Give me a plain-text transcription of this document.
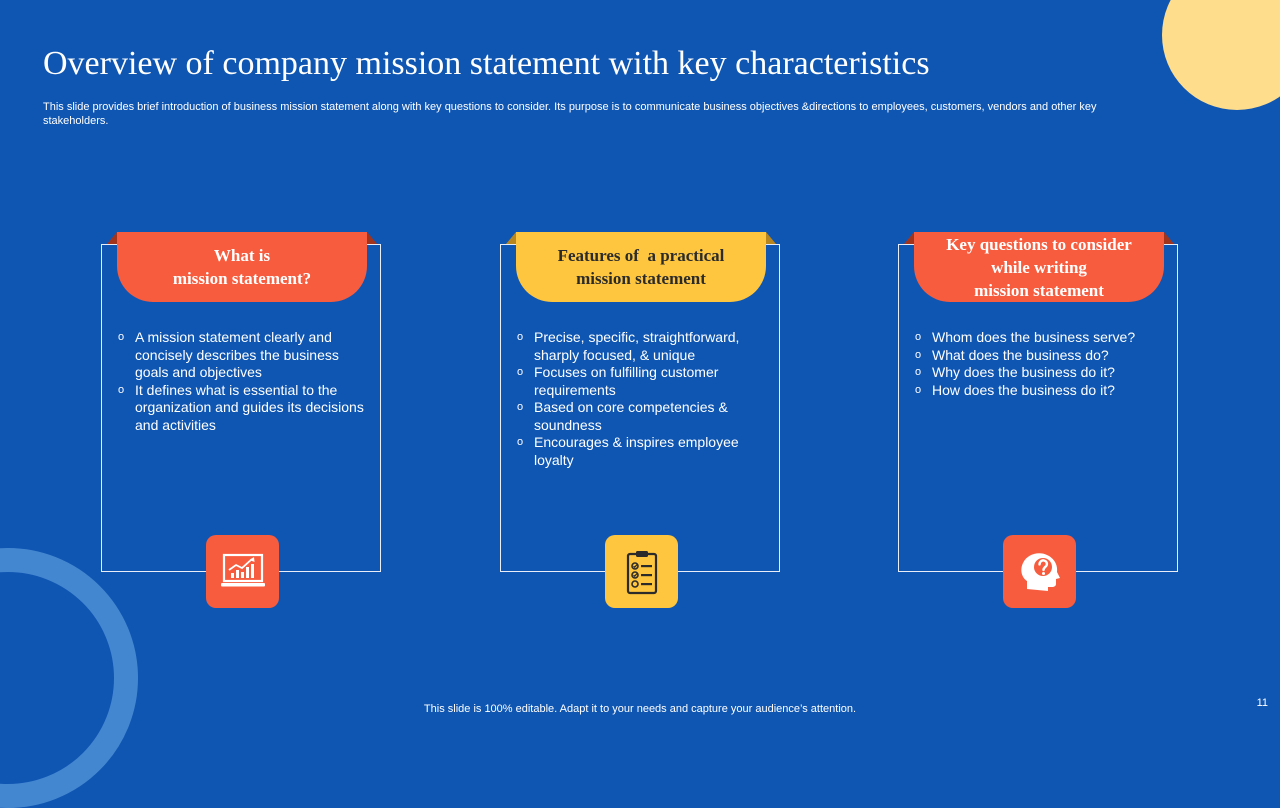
Overview of company mission statement with key characteristics

This slide provides brief introduction of business mission statement along with key questions to consider. Its purpose is to communicate business objectives &directions to employees, customers, vendors and other key stakeholders.

What is
mission statement?
o A mission statement clearly and concisely describes the business goals and objectives
o It defines what is essential to the organization and guides its decisions and activities
Features of  a practical
mission statement
o Precise, specific, straightforward, sharply focused, & unique
o Focuses on fulfilling customer requirements
o Based on core competencies & soundness
o Encourages & inspires employee loyalty
Key questions to consider
while writing
mission statement
o Whom does the business serve?
o What does the business do?
o Why does the business do it?
o How does the business do it?
This slide is 100% editable. Adapt it to your needs and capture your audience’s attention.	11
